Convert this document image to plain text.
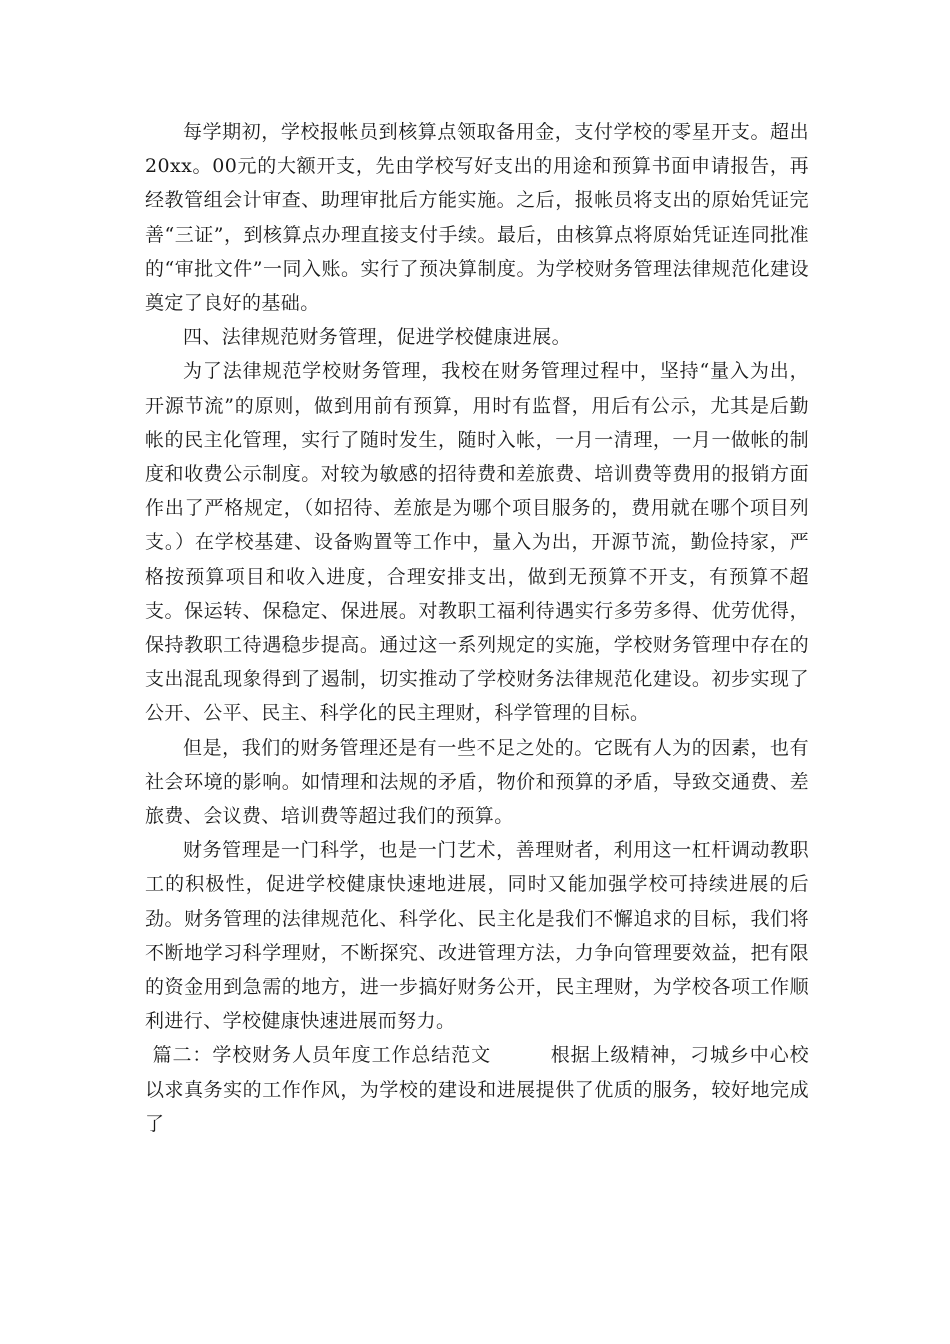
每学期初，学校报帐员到核算点领取备用金，支付学校的零星开支。超出20xx。00元的大额开支，先由学校写好支出的用途和预算书面申请报告，再经教管组会计审查、助理审批后方能实施。之后，报帐员将支出的原始凭证完善“三证”，到核算点办理直接支付手续。最后，由核算点将原始凭证连同批准的“审批文件”一同入账。实行了预决算制度。为学校财务管理法律规范化建设奠定了良好的基础。

四、法律规范财务管理，促进学校健康进展。

为了法律规范学校财务管理，我校在财务管理过程中，坚持“量入为出，开源节流”的原则，做到用前有预算，用时有监督，用后有公示，尤其是后勤帐的民主化管理，实行了随时发生，随时入帐，一月一清理，一月一做帐的制度和收费公示制度。对较为敏感的招待费和差旅费、培训费等费用的报销方面作出了严格规定，（如招待、差旅是为哪个项目服务的，费用就在哪个项目列支。）在学校基建、设备购置等工作中，量入为出，开源节流，勤俭持家，严格按预算项目和收入进度，合理安排支出，做到无预算不开支，有预算不超支。保运转、保稳定、保进展。对教职工福利待遇实行多劳多得、优劳优得，保持教职工待遇稳步提高。通过这一系列规定的实施，学校财务管理中存在的支出混乱现象得到了遏制，切实推动了学校财务法律规范化建设。初步实现了公开、公平、民主、科学化的民主理财，科学管理的目标。

但是，我们的财务管理还是有一些不足之处的。它既有人为的因素，也有社会环境的影响。如情理和法规的矛盾，物价和预算的矛盾，导致交通费、差旅费、会议费、培训费等超过我们的预算。

财务管理是一门科学，也是一门艺术，善理财者，利用这一杠杆调动教职工的积极性，促进学校健康快速地进展，同时又能加强学校可持续进展的后劲。财务管理的法律规范化、科学化、民主化是我们不懈追求的目标，我们将不断地学习科学理财，不断探究、改进管理方法，力争向管理要效益，把有限的资金用到急需的地方，进一步搞好财务公开，民主理财，为学校各项工作顺利进行、学校健康快速进展而努力。

篇二：学校财务人员年度工作总结范文　　　根据上级精神，刁城乡中心校以求真务实的工作作风，为学校的建设和进展提供了优质的服务，较好地完成了
